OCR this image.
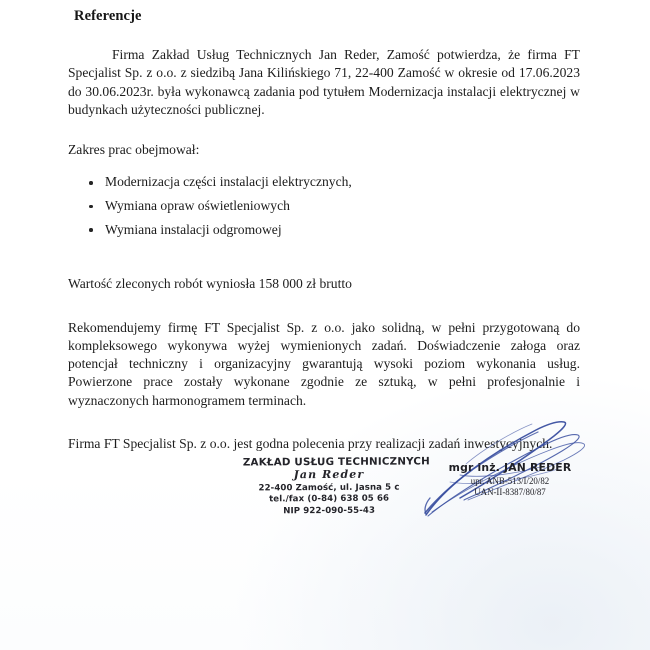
Referencje

Firma Zakład Usług Technicznych Jan Reder, Zamość potwierdza, że firma FT Specjalist Sp. z o.o. z siedzibą Jana Kilińskiego 71, 22-400 Zamość w okresie od 17.06.2023 do 30.06.2023r. była wykonawcą zadania pod tytułem Modernizacja instalacji elektrycznej w budynkach użyteczności publicznej.

Zakres prac obejmował:

Modernizacja części instalacji elektrycznych,
Wymiana opraw oświetleniowych
Wymiana instalacji odgromowej

Wartość zleconych robót wyniosła 158 000 zł brutto

Rekomendujemy firmę FT Specjalist Sp. z o.o. jako solidną, w pełni przygotowaną do kompleksowego wykonywa wyżej wymienionych zadań. Doświadczenie załoga oraz potencjał techniczny i organizacyjny gwarantują wysoki poziom wykonania usług. Powierzone prace zostały wykonane zgodnie ze sztuką, w pełni profesjonalnie i wyznaczonych harmonogramem terminach.

Firma FT Specjalist Sp. z o.o. jest godna polecenia przy realizacji zadań inwestycyjnych.

ZAKŁAD USŁUG TECHNICZNYCH
Jan Reder
22-400 Zamość, ul. Jasna 5 c
tel./fax (0-84) 638 05 66
NIP 922-090-55-43
mgr inż. JAN REDER
upr. ANB-513/I/20/82
UAN-II-8387/80/87
